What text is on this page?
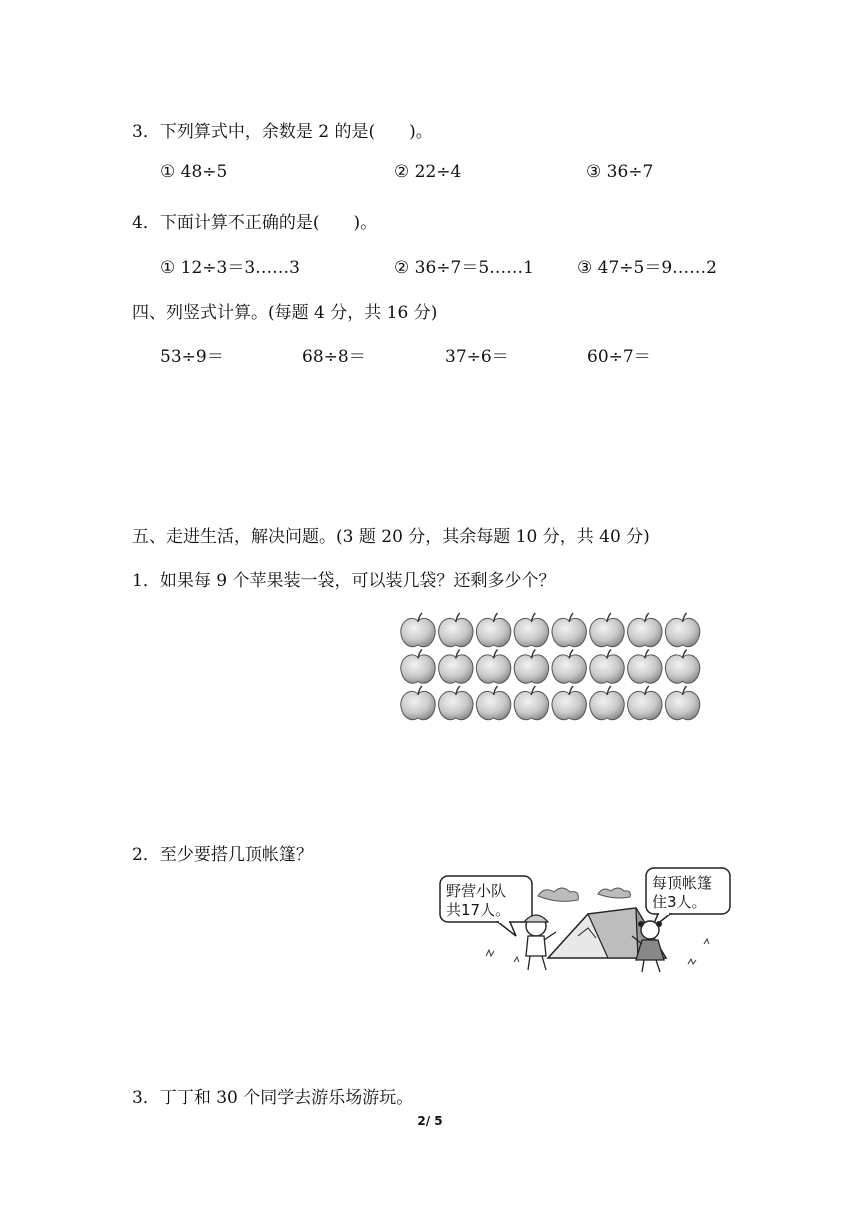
3．下列算式中，余数是 2 的是(　　)。
① 48÷5	② 22÷4	③ 36÷7
4．下面计算不正确的是(　　)。
① 12÷3＝3……3	② 36÷7＝5……1	③ 47÷5＝9……2
四、列竖式计算。(每题 4 分，共 16 分)
53÷9＝	68÷8＝	37÷6＝	60÷7＝
五、走进生活，解决问题。(3 题 20 分，其余每题 10 分，共 40 分)
1．如果每 9 个苹果装一袋，可以装几袋？还剩多少个？
2．至少要搭几顶帐篷？
野营小队
共17人。
每顶帐篷
住3人。
3．丁丁和 30 个同学去游乐场游玩。
2/ 5
